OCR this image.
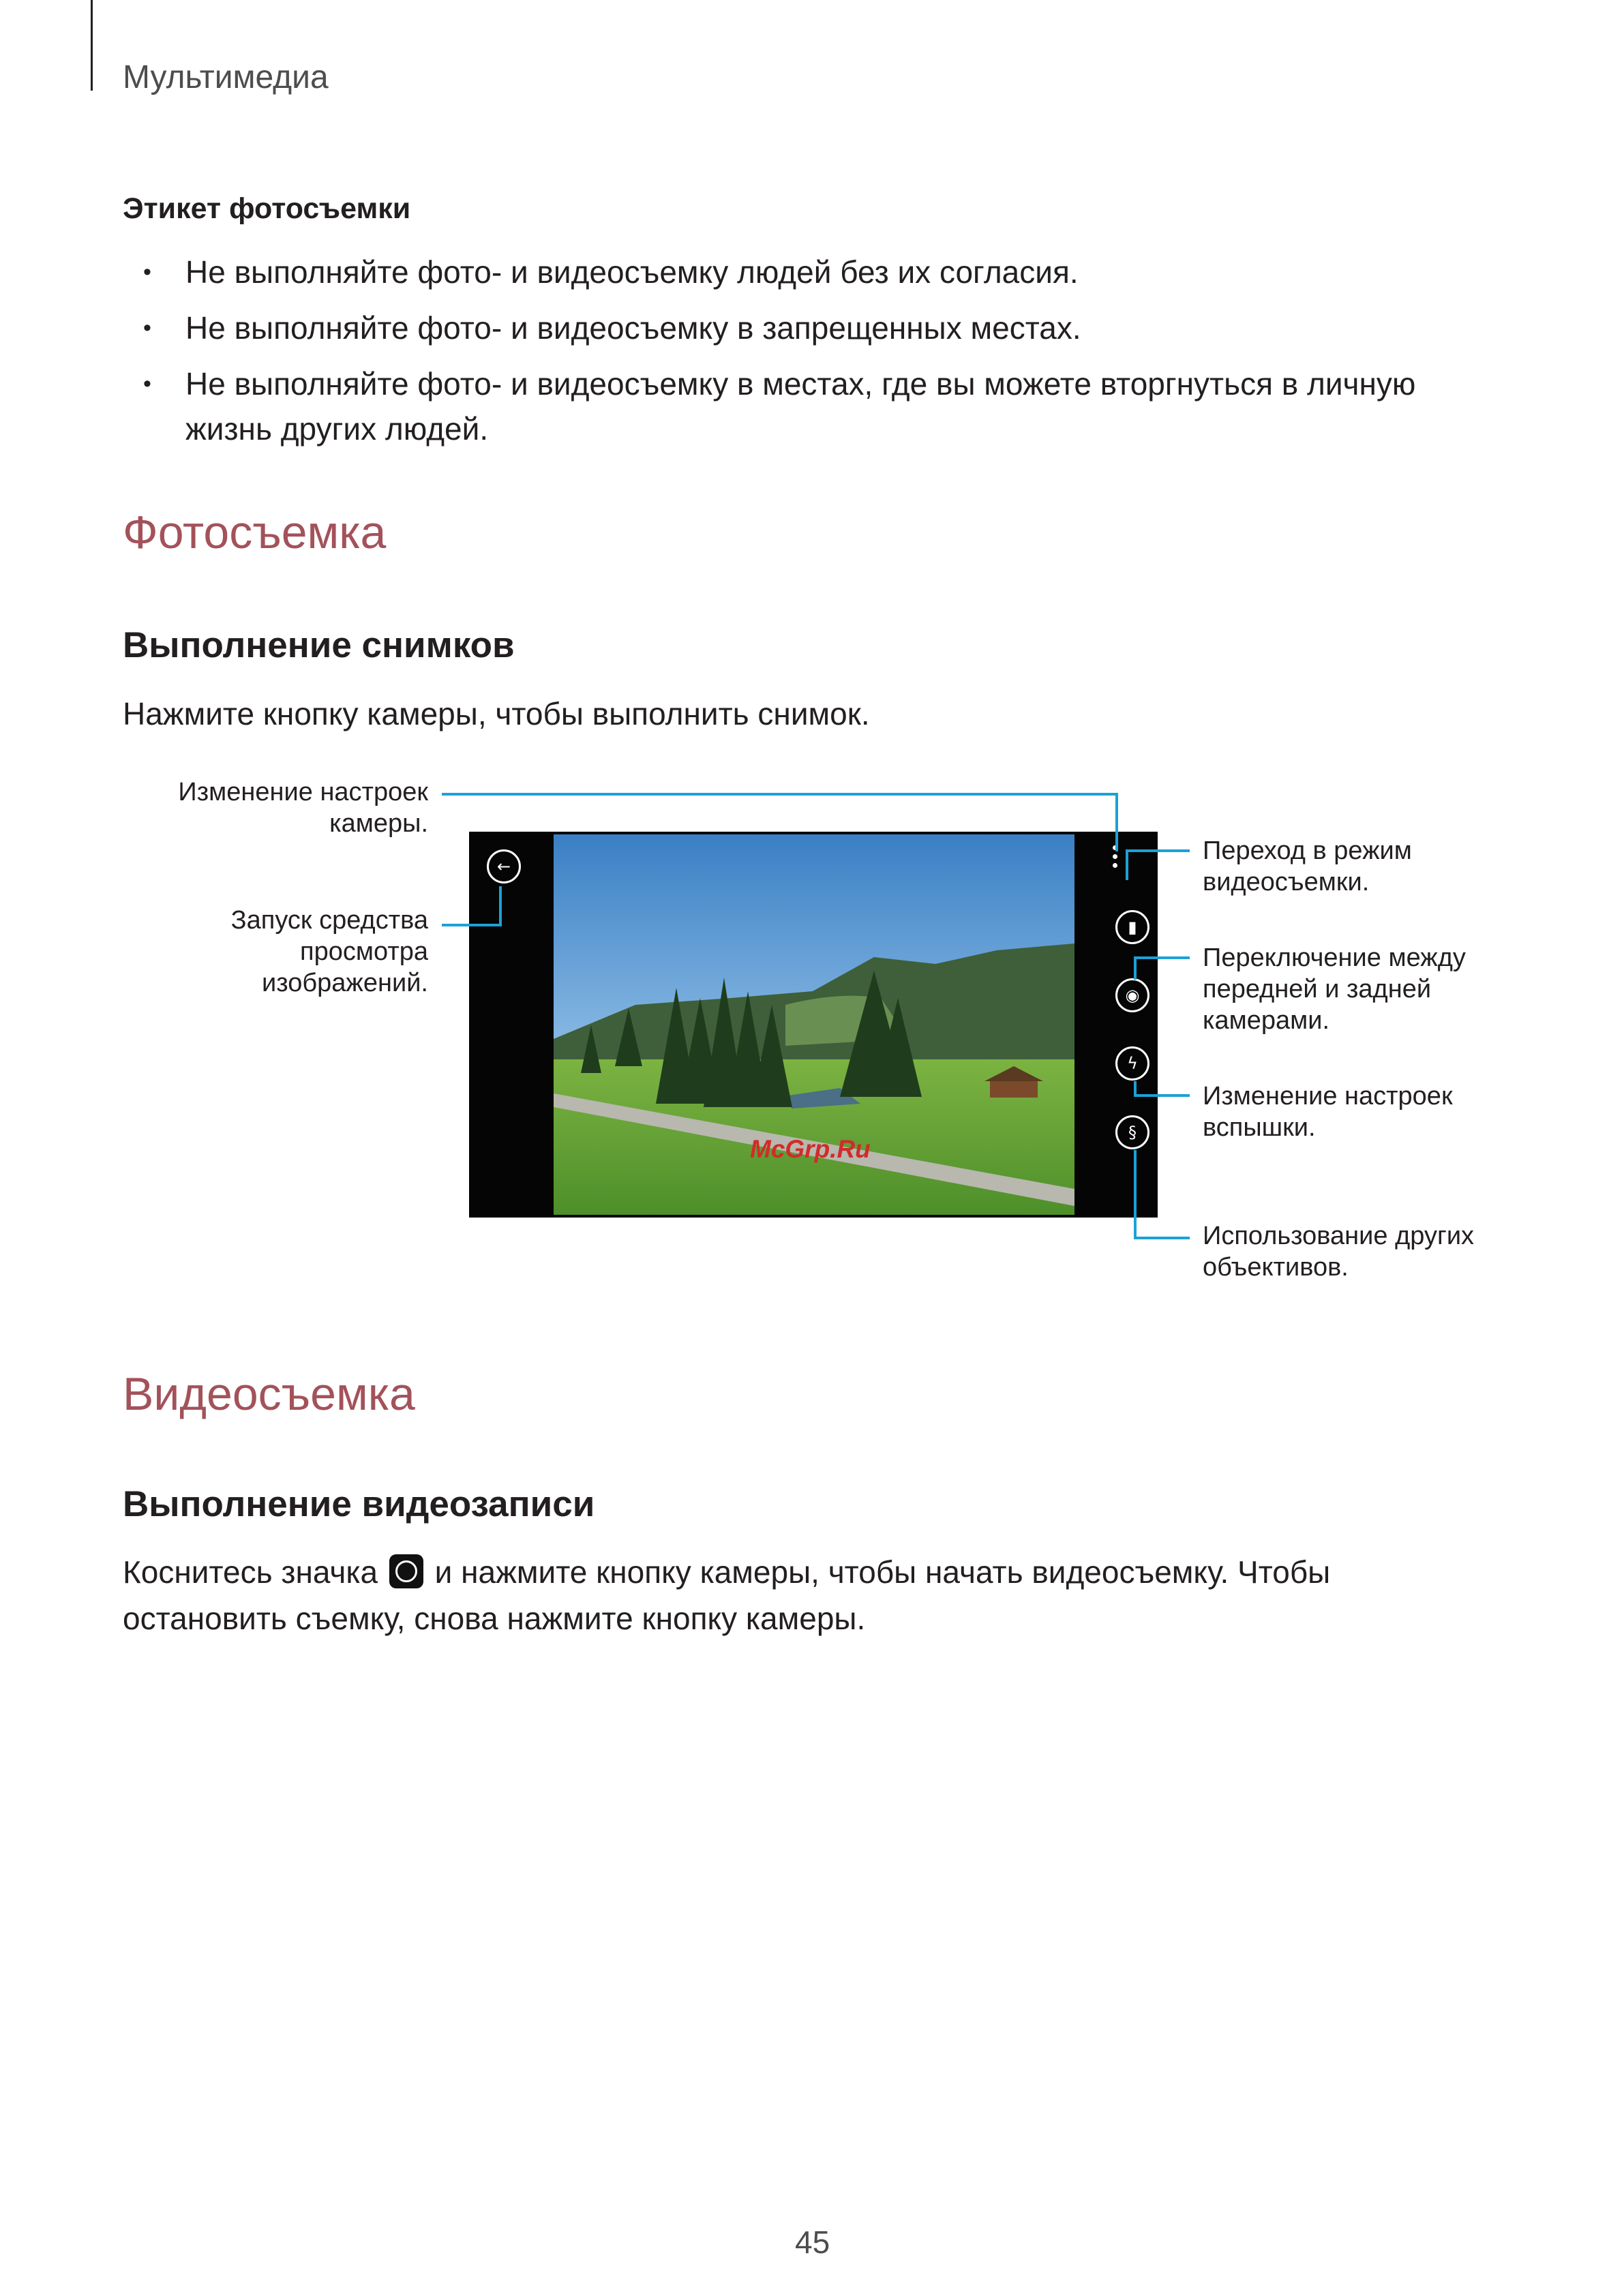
Мультимедиа
Этикет фотосъемки
• Не выполняйте фото- и видеосъемку людей без их согласия.
• Не выполняйте фото- и видеосъемку в запрещенных местах.
• Не выполняйте фото- и видеосъемку в местах, где вы можете вторгнуться в личную жизнь других людей.
Фотосъемка
Выполнение снимков
Нажмите кнопку камеры, чтобы выполнить снимок.
McGrp.Ru
←
▮
◉
ϟ
§
Изменение настроек камеры.
Запуск средства просмотра изображений.
Переход в режим видеосъемки.
Переключение между передней и задней камерами.
Изменение настроек вспышки.
Использование других объективов.
Видеосъемка
Выполнение видеозаписи
Коснитесь значка и нажмите кнопку камеры, чтобы начать видеосъемку. Чтобы остановить съемку, снова нажмите кнопку камеры.
45
